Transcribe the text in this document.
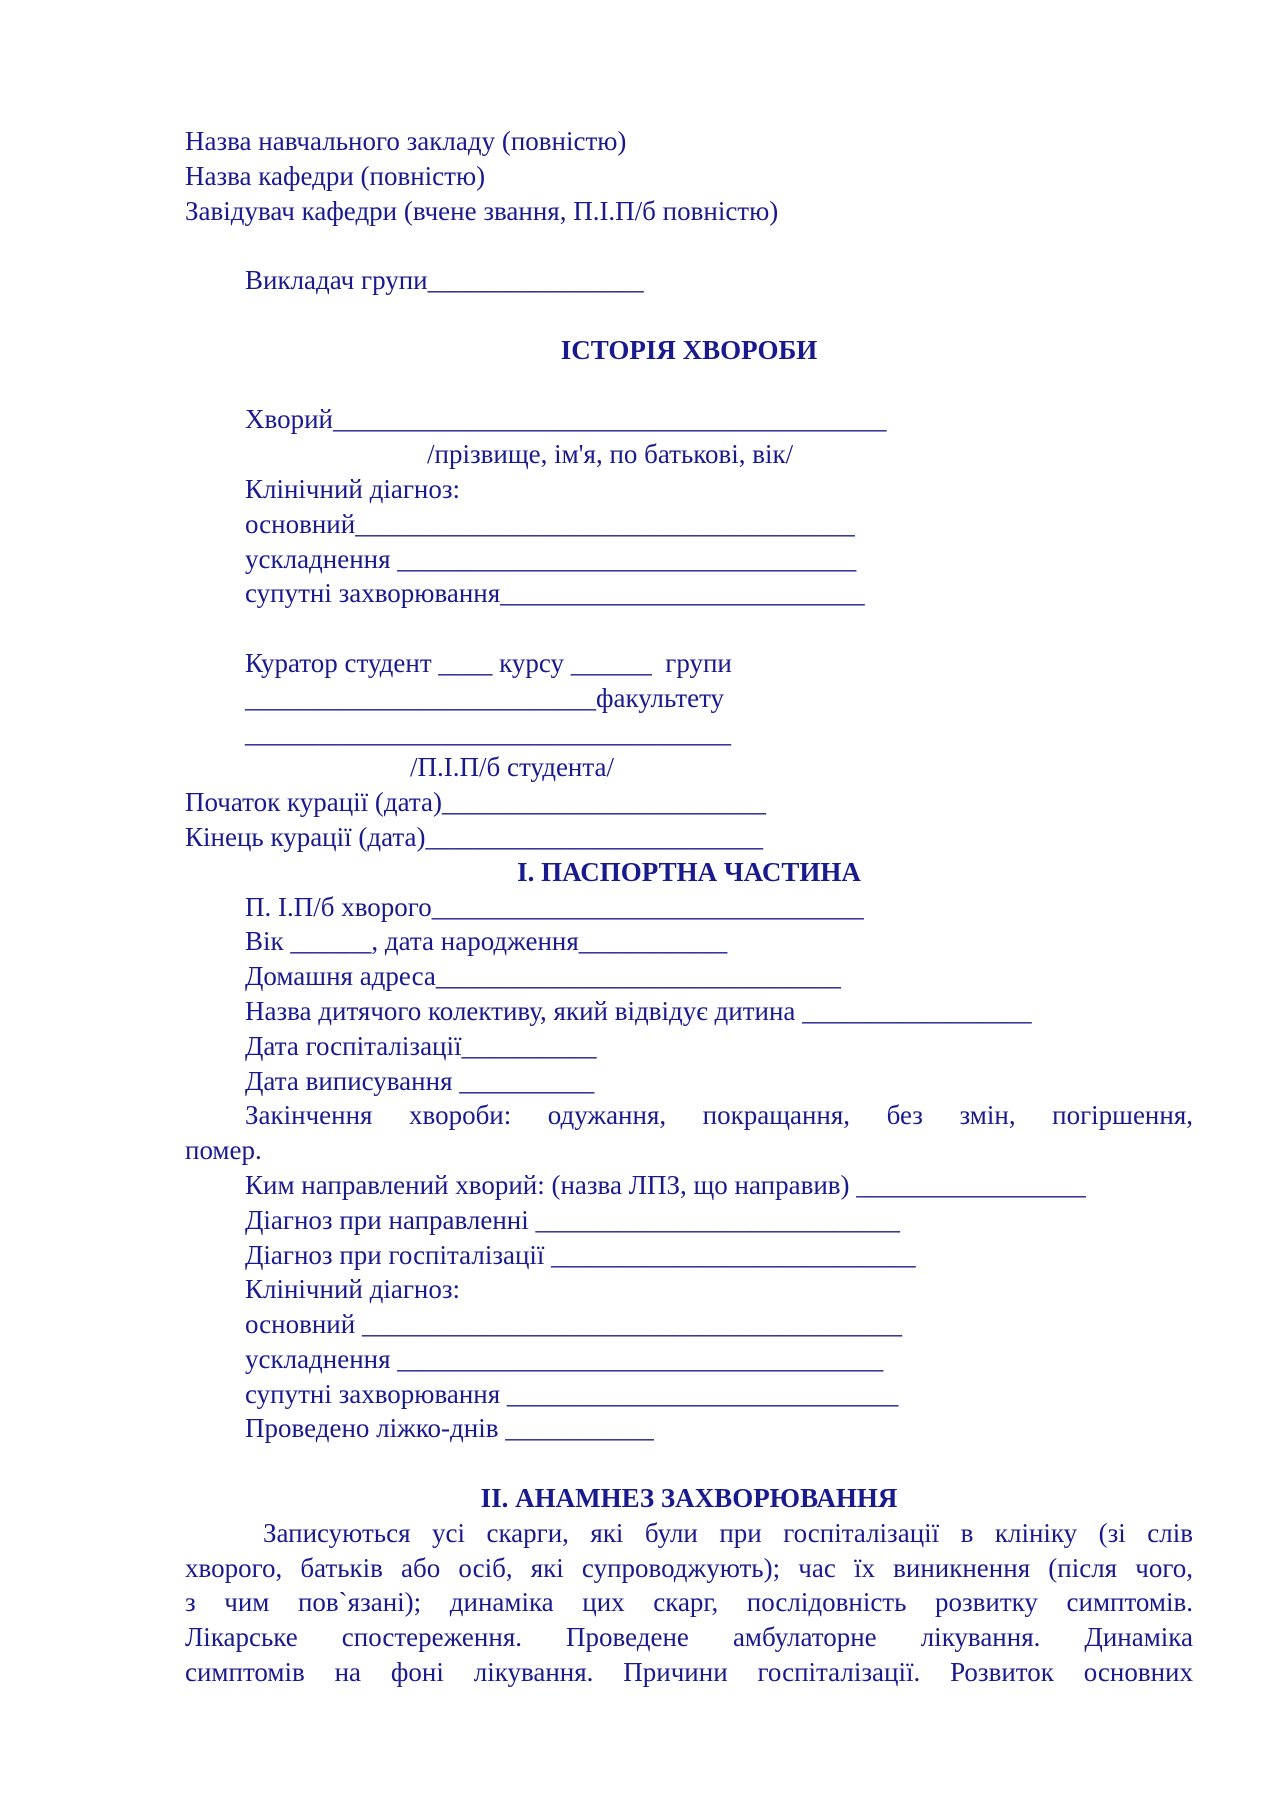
Назва навчального закладу (повністю)
Назва кафедри (повністю)
Завідувач кафедри (вчене звання, П.І.П/б повністю)
Викладач групи________________
ІСТОРІЯ ХВОРОБИ
Хворий_________________________________________
/прізвище, ім'я, по батькові, вік/
Клінічний діагноз:
основний_____________________________________
ускладнення __________________________________
супутні захворювання___________________________
Куратор студент ____ курсу ______  групи
__________________________факультету
____________________________________
/П.І.П/б студента/
Початок курації (дата)________________________
Кінець курації (дата)_________________________
І. ПАСПОРТНА ЧАСТИНА
П. І.П/б хворого________________________________
Вік ______, дата народження___________
Домашня адреса______________________________
Назва дитячого колективу, який відвідує дитина _________________
Дата госпіталізації__________
Дата виписування __________
Закінчення хвороби: одужання, покращання, без змін, погіршення,
помер.
Ким направлений хворий: (назва ЛПЗ, що направив) _________________
Діагноз при направленні ___________________________
Діагноз при госпіталізації ___________________________
Клінічний діагноз:
основний ________________________________________
ускладнення ____________________________________
супутні захворювання _____________________________
Проведено ліжко-днів ___________
ІІ. АНАМНЕЗ ЗАХВОРЮВАННЯ
Записуються усі скарги, які були при госпіталізації в клініку (зі слів
хворого, батьків або осіб, які супроводжують); час їх виникнення (після чого,
з чим пов`язані); динаміка цих скарг, послідовність розвитку симптомів.
Лікарське спостереження. Проведене амбулаторне лікування. Динаміка
симптомів на фоні лікування. Причини госпіталізації. Розвиток основних
